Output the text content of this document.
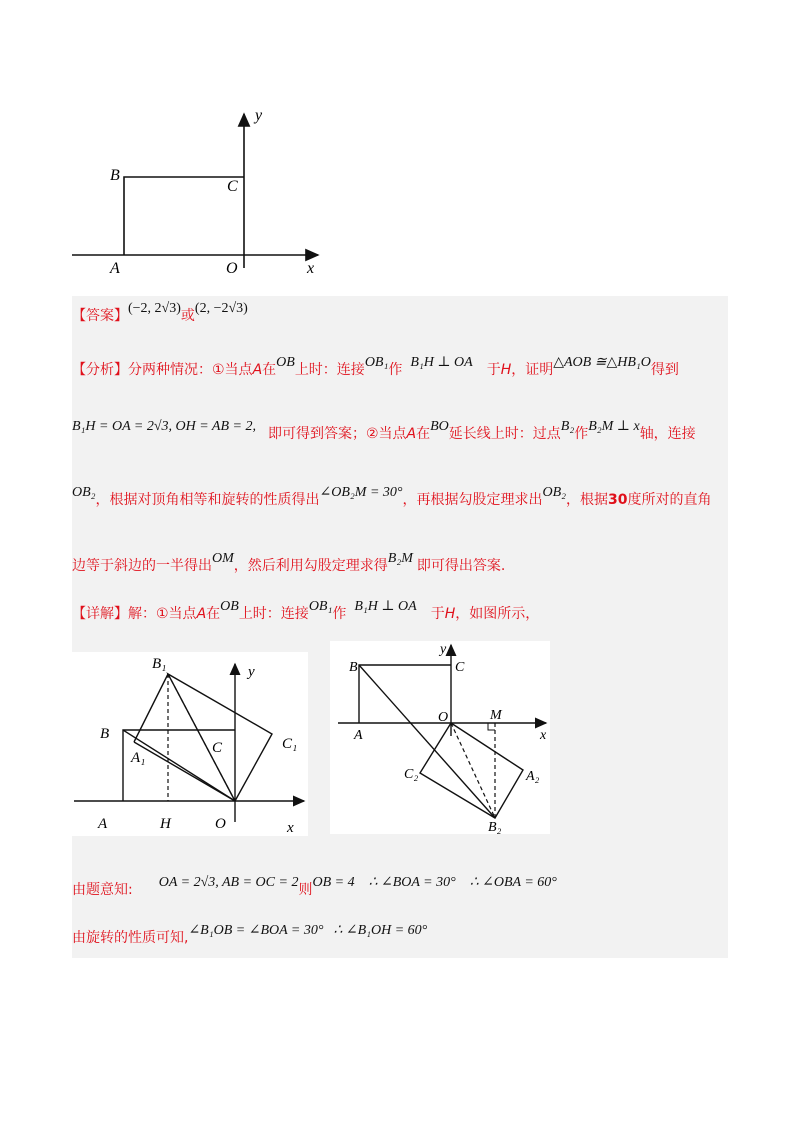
y
B
C
A	O	x
【答案】(−2, 2√3)或(2, −2√3)
【分析】分两种情况：①当点A在OB上时：连接OB₁作 B₁H ⊥ OA 于H，证明△AOB ≅△HB₁O得到
B₁H = OA = 2√3, OH = AB = 2, 即可得到答案；②当点A在BO延长线上时：过点B₂作B₂M ⊥ x轴，连接
OB₂，根据对顶角相等和旋转的性质得出∠OB₂M = 30°，再根据勾股定理求出OB₂，根据30度所对的直角
边等于斜边的一半得出OM，然后利用勾股定理求得B₂M 即可得出答案.
【详解】解：①当点A在OB上时：连接OB₁作 B₁H ⊥ OA 于H，如图所示，
B₁	y
B
A₁
C	C₁
A	H	O	x
y
B	C
O	M
A	x
C₂	A₂
B₂
由题意知: OA = 2√3, AB = OC = 2则OB = 4 ∴ ∠BOA = 30° ∴ ∠OBA = 60°
由旋转的性质可知,∠B₁OB = ∠BOA = 30° ∴ ∠B₁OH = 60°
